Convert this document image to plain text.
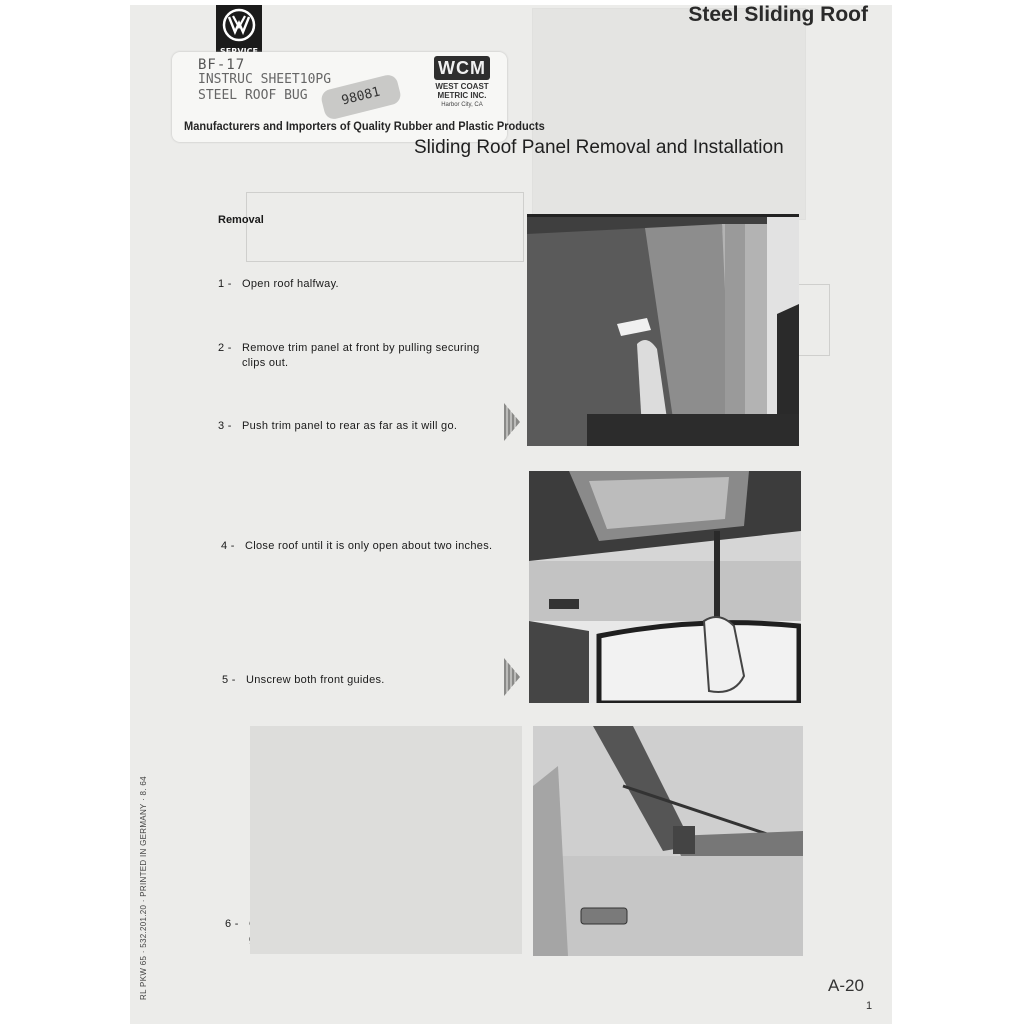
BF-17
INSTRUC SHEET10PG
STEEL ROOF BUG	98081
WCM
WEST COAST METRIC INC.
Harbor City, CA
Manufacturers and Importers of Quality Rubber and Plastic Products
Steel Sliding Roof
Sliding Roof Panel Removal and Installation
Removal
1 - Open roof halfway.
2 - Remove trim panel at front by pulling securing clips out.
3 - Push trim panel to rear as far as it will go.
4 - Close roof until it is only open about two inches.
5 - Unscrew both front guides.
6 -
RL PKW 65 · 532.201.20 · PRINTED IN GERMANY · 8. 64	A-20
1
